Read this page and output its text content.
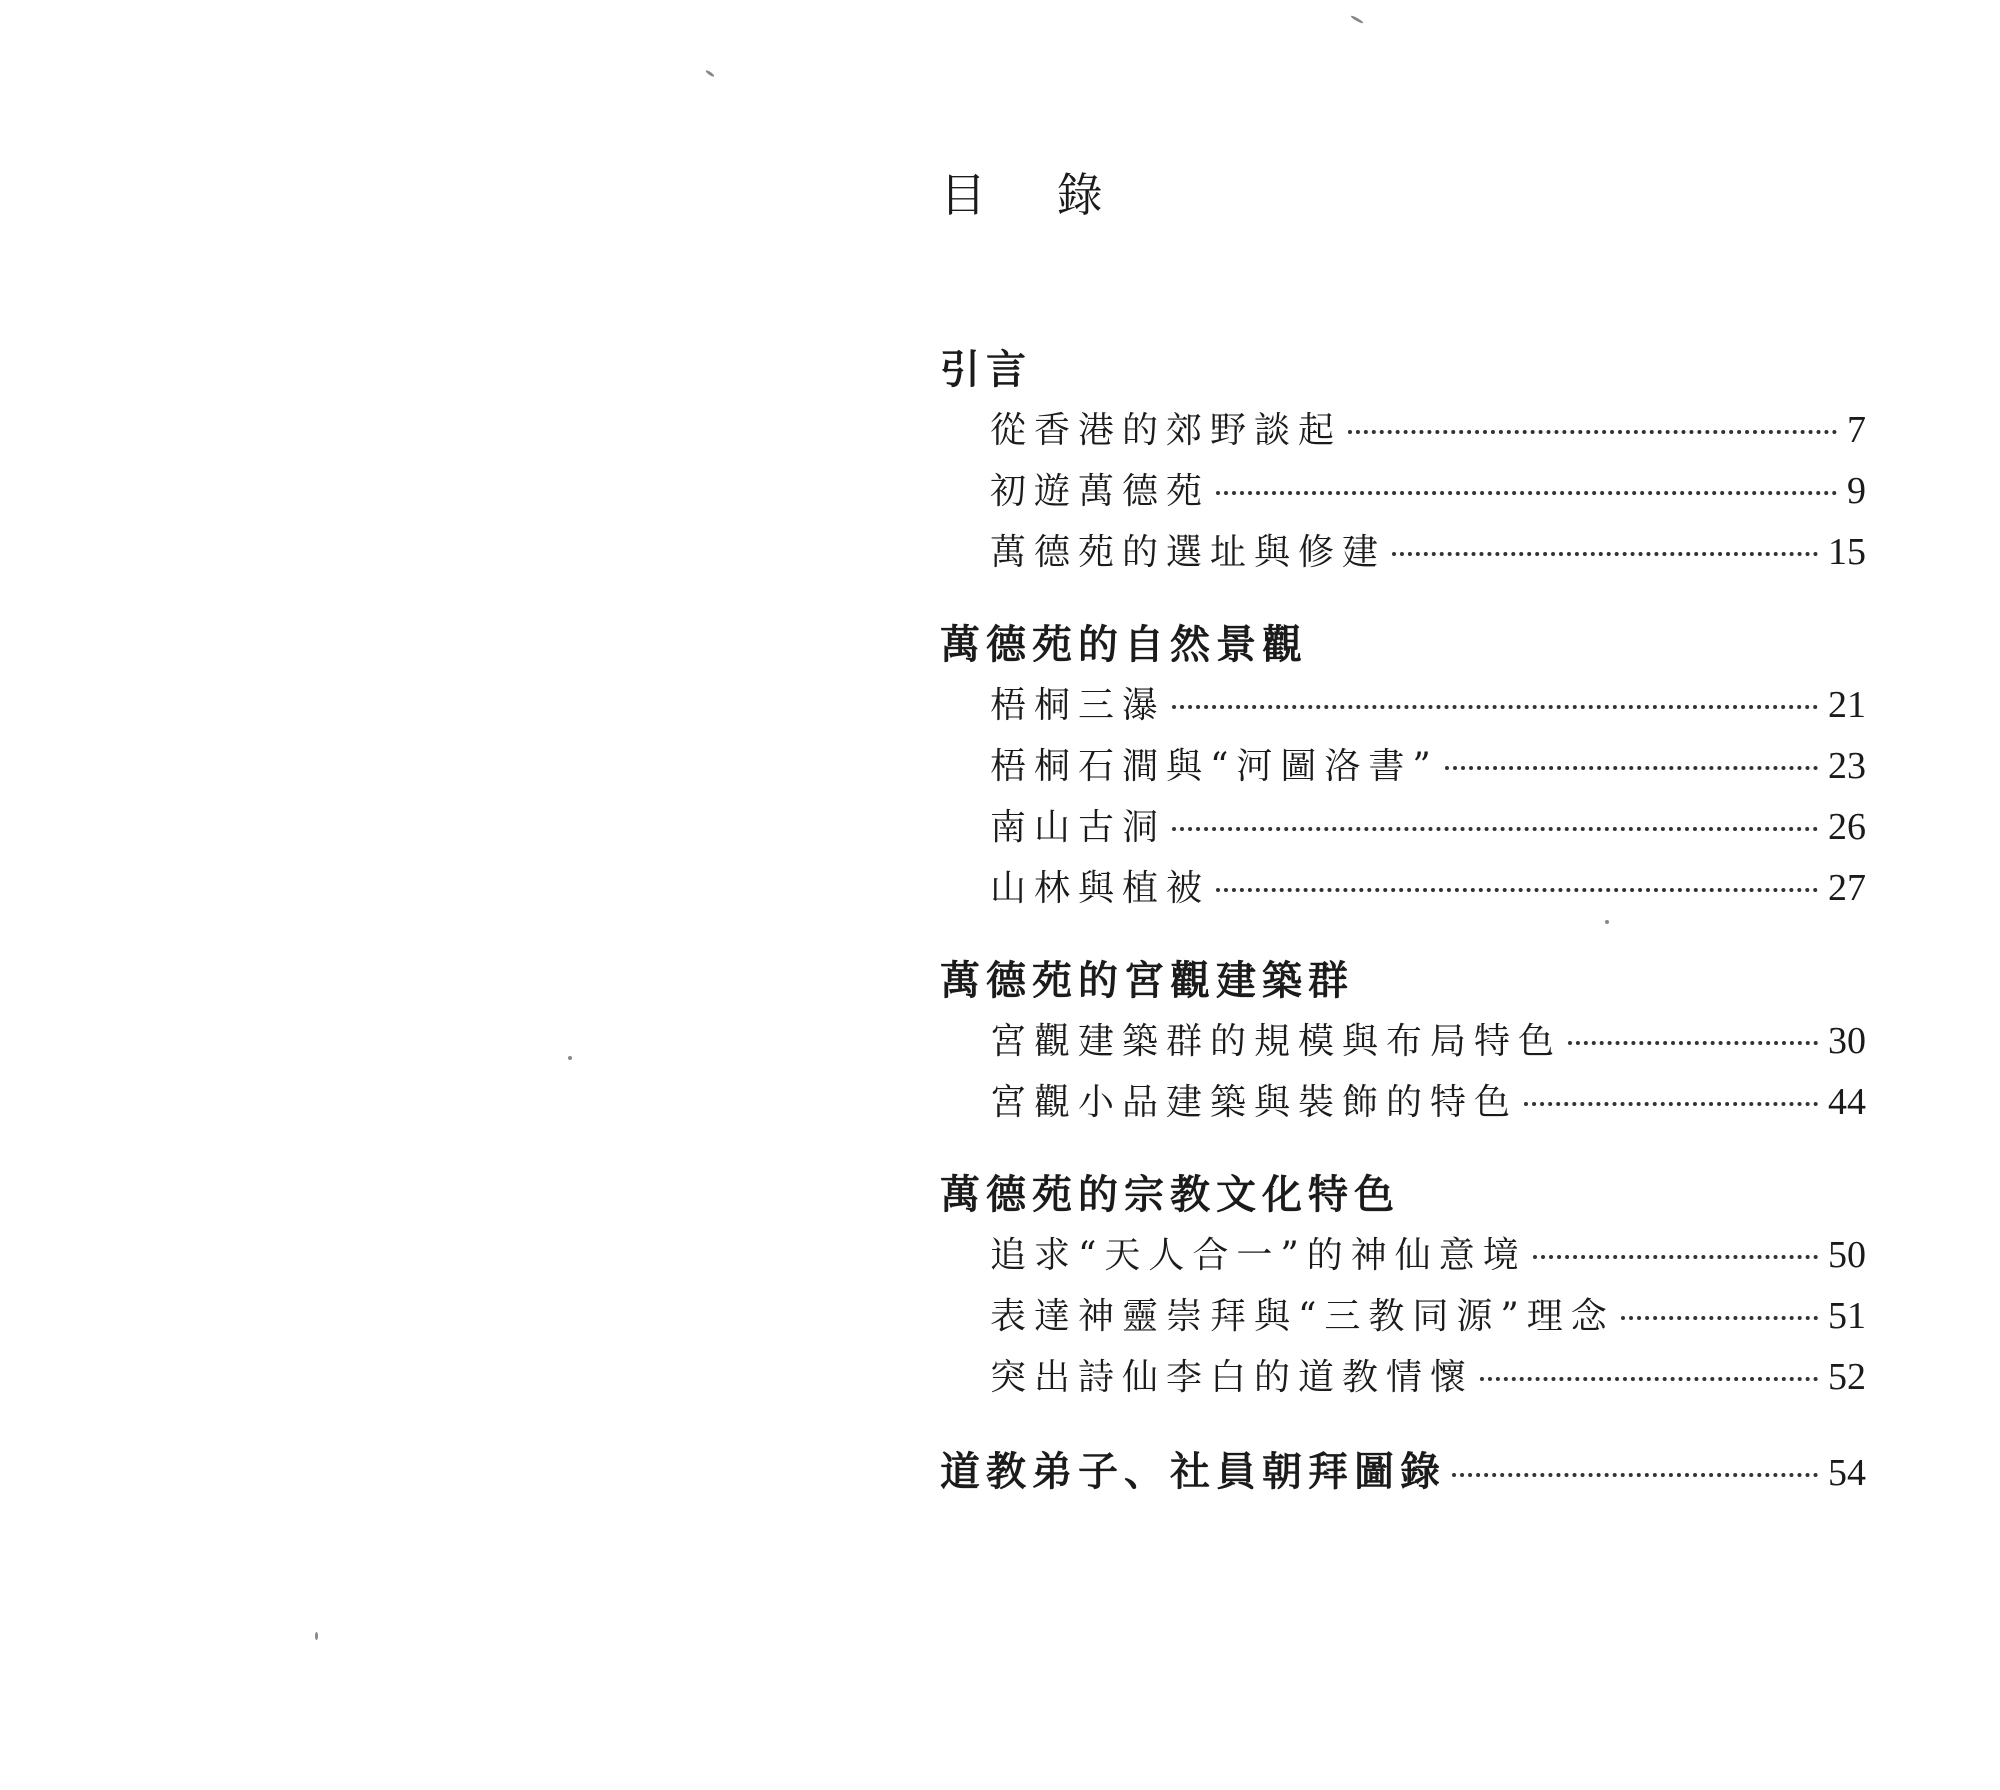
目 錄
引言
從香港的郊野談起	7
初遊萬德苑	9
萬德苑的選址與修建	15
萬德苑的自然景觀
梧桐三瀑	21
梧桐石澗與“河圖洛書”	23
南山古洞	26
山林與植被	27
萬德苑的宮觀建築群
宮觀建築群的規模與布局特色	30
宮觀小品建築與裝飾的特色	44
萬德苑的宗教文化特色
追求“天人合一”的神仙意境	50
表達神靈崇拜與“三教同源”理念	51
突出詩仙李白的道教情懷	52
道教弟子、社員朝拜圖錄	54
